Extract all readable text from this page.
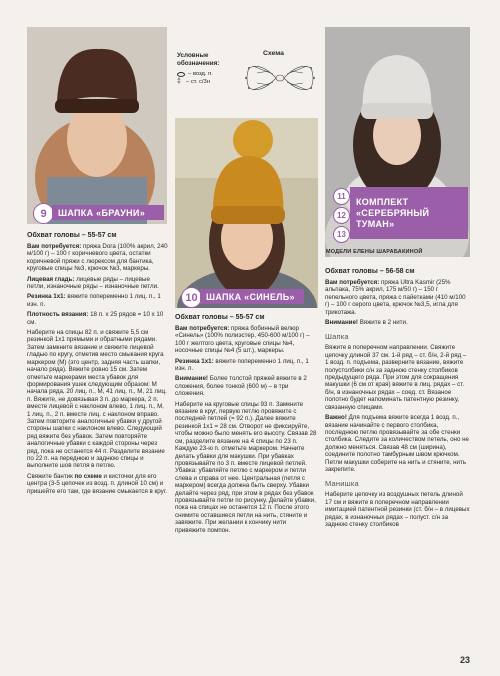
9	ШАПКА «БРАУНИ»

Обхват головы – 55-57 см

Вам потребуется: пряжа Dora (100% акрил, 240 м/100 г) – 100 г коричневого цвета, остатки коричневой пряжи с люрексом для бантика, круговые спицы №3, крючок №3, маркеры.

Лицевая гладь: лицевые ряды – лицевые петли, изнаночные ряды – изнаночные петли.

Резинка 1x1: вяжите попеременно 1 лиц. п., 1 изн. п.

Плотность вязания: 18 п. x 25 рядов = 10 x 10 см.

Наберите на спицы 82 п. и свяжите 5,5 см резинкой 1x1 прямыми и обратными рядами. Затем замкните вязание и свяжите лицевой гладью по кругу, отметив место смыкания круга маркером (М) (это центр, задняя часть шапки, начало ряда). Вяжите ровно 15 см. Затем отметьте маркерами места убавок для формирования ушек следующим образом: М начала ряда, 20 лиц. п., М, 41 лиц. п., М, 21 лиц. п. Вяжите, не довязывая 3 п. до маркера, 2 п. вместе лицевой с наклоном влево, 1 лиц. п., М, 1 лиц. п., 2 п. вместе лиц. с наклоном вправо. Затем повторите аналогичные убавки у другой стороны шапки с наклоном влево. Следующий ряд вяжите без убавок. Затем повторяйте аналогичные убавки с каждой стороны через ряд, пока не останется 44 п. Разделите вязание по 22 п. на переднюю и заднюю спицы и выполните шов петля в петлю.

Свяжите бантик по схеме и кисточки для его центра (3-5 цепочек из возд. п. длиной 10 см) и пришейте его там, где вязание смыкается в круг.

Условные обозначения:
– возд. п.
‡ – ст. с/3н
Схема
10 ШАПКА «СИНЕЛЬ»

Обхват головы – 55-57 см

Вам потребуется: пряжа бобинный велюр «Синель» (100% полиэстер, 450-600 м/100 г) – 100 г желтого цвета, круговые спицы №4, носочные спицы №4 (5 шт.), маркеры.

Резинка 1x1: вяжите попеременно 1 лиц. п., 1 изн. п.

Внимание! Более толстой пряжей вяжите в 2 сложения, более тонкой (600 м) – в три сложения.

Наберите на круговые спицы 93 п. Замкните вязание в круг, первую петлю провяжите с последней петлей (= 92 п.). Далее вяжите резинкой 1x1 = 28 см. Отворот не фиксируйте, чтобы можно было менять его высоту. Связав 28 см, разделите вязание на 4 спицы по 23 п. Каждую 23-ю п. отметьте маркером. Начните делать убавки для макушки. При убавках провязывайте по 3 п. вместе лицевой петлей. Убавка: убавляйте петлю с маркером и петли слева и справа от нее. Центральная (петля с маркером) всегда должна быть сверху. Убавки делайте через ряд, при этом в рядах без убавок провязывайте петли по рисунку. Делайте убавки, пока на спицах не останется 12 п. После этого снимите оставшиеся петли на нить, стяните и завяжите. При желании к кончику нити привяжите помпон.

11
12
13
КОМПЛЕКТ
«СЕРЕБРЯНЫЙ
ТУМАН»
МОДЕЛИ ЕЛЕНЫ ШАРАБАКИНОЙ

Обхват головы – 56-58 см

Вам потребуется: пряжа Ultra Kasmir (25% альпака, 75% акрил, 175 м/50 г) – 150 г пепельного цвета, пряжа с пайетками (410 м/100 г) – 100 г серого цвета, крючок №3,5, игла для трикотажа.

Внимание! Вяжите в 2 нити.

Шапка

Вяжите в поперечном направлении. Свяжите цепочку длиной 37 см. 1-й ряд – ст. б/н, 2-й ряд – 1 возд. п. подъема, разверните вязание, вяжите полустолбики с/н за заднюю стенку столбиков предыдущего ряда. При этом для сокращения макушки (6 см от края) вяжите в лиц. рядах – ст. б/н, в изнаночных рядах – соед. ст. Вязаное полотно будет напоминать патентную резинку, связанную спицами.

Важно! Для подъема вяжите всегда 1 возд. п., вязание начинайте с первого столбика, последнюю петлю провязывайте за обе стенки столбика. Следите за количеством петель, оно не должно меняться. Связав 48 см (ширина), соедините полотно тамбурным швом крючком. Петли макушки соберите на нить и стяните, нить закрепите.

Манишка

Наберите цепочку из воздушных петель длиной 17 см и вяжите в поперечном направлении имитацией патентной резинки (ст. б/н – в лицевых рядах, в изнаночных рядах – полуст. с/н за заднюю стенку столбиков

23
